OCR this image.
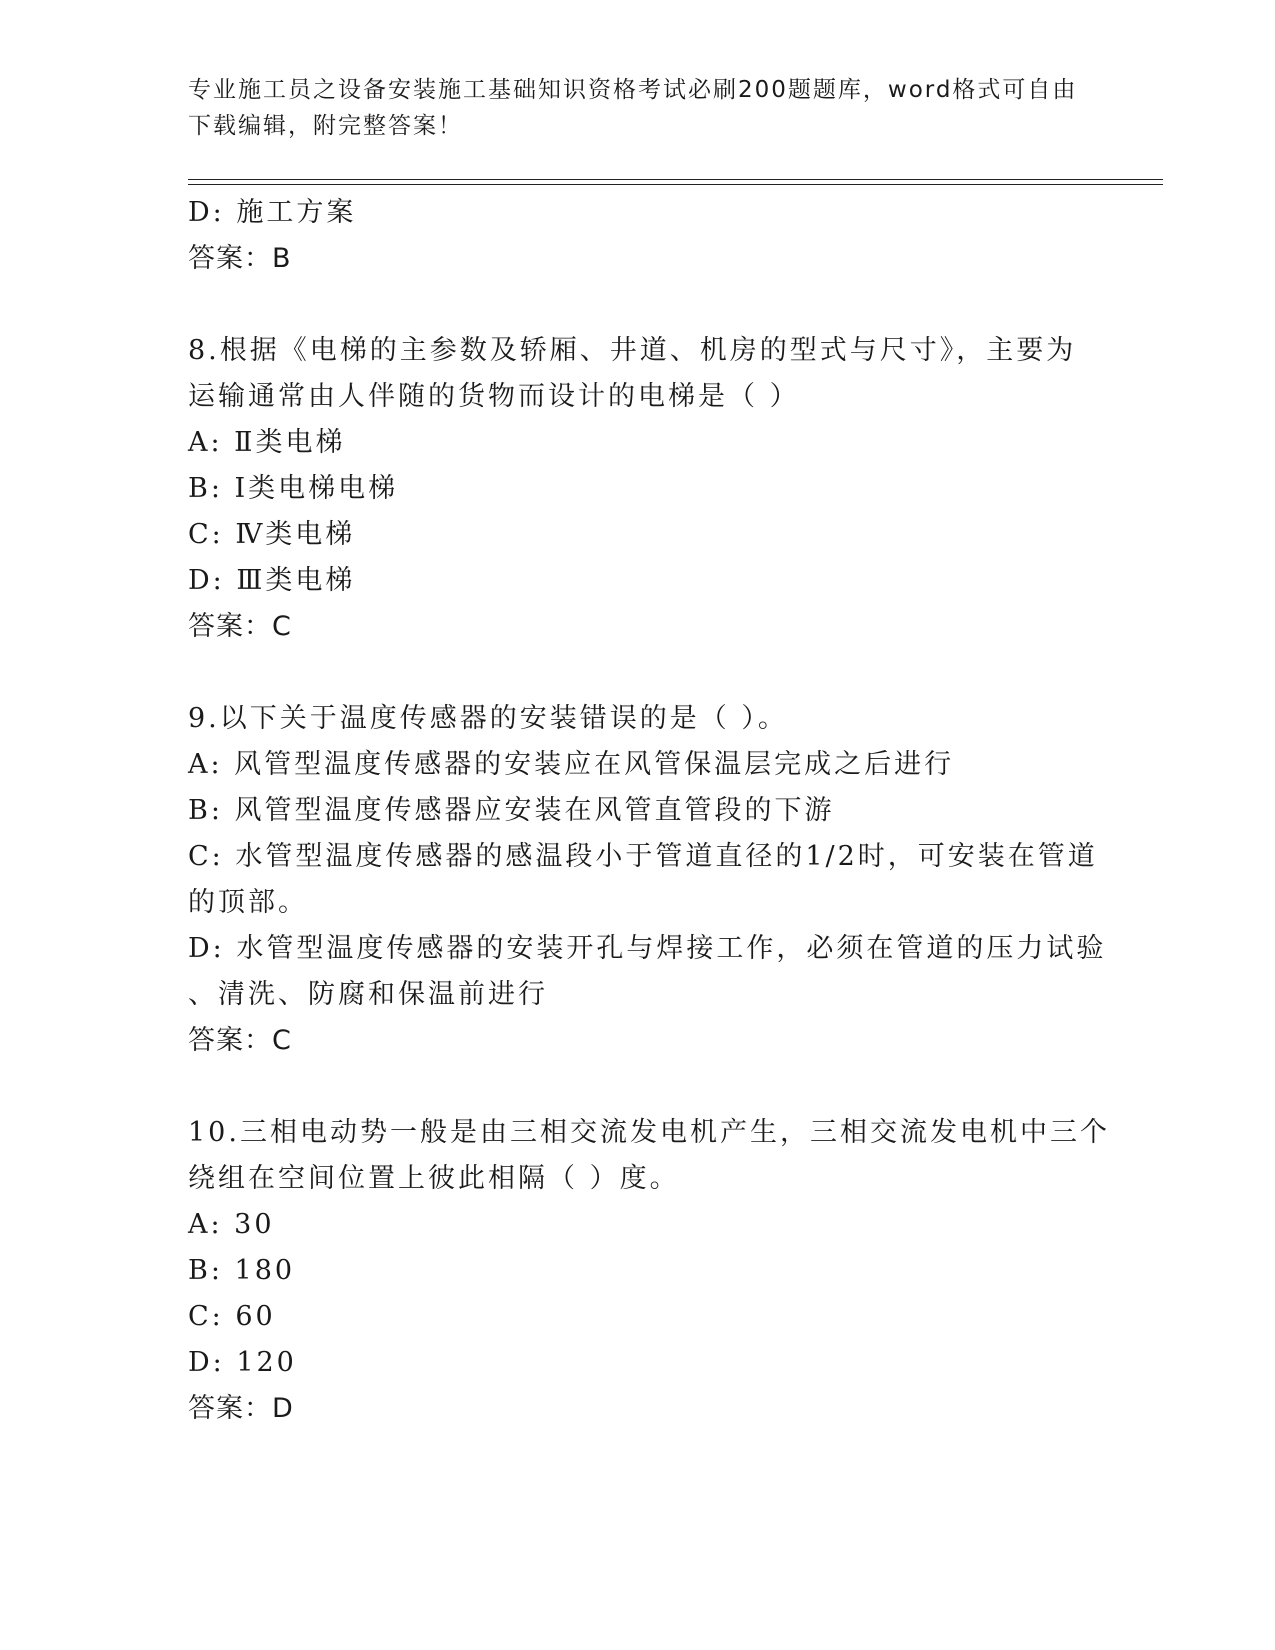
专业施工员之设备安装施工基础知识资格考试必刷200题题库，word格式可自由
下载编辑，附完整答案！
D: 施工方案
答案：B
8.根据《电梯的主参数及轿厢、井道、机房的型式与尺寸》，主要为
运输通常由人伴随的货物而设计的电梯是（ ）
A: Ⅱ类电梯
B: Ⅰ类电梯电梯
C: Ⅳ类电梯
D: Ⅲ类电梯
答案：C
9.以下关于温度传感器的安装错误的是（ ）。
A: 风管型温度传感器的安装应在风管保温层完成之后进行
B: 风管型温度传感器应安装在风管直管段的下游
C: 水管型温度传感器的感温段小于管道直径的1/2时，可安装在管道
的顶部。
D: 水管型温度传感器的安装开孔与焊接工作，必须在管道的压力试验
、清洗、防腐和保温前进行
答案：C
10.三相电动势一般是由三相交流发电机产生，三相交流发电机中三个
绕组在空间位置上彼此相隔（ ）度。
A: 30
B: 180
C: 60
D: 120
答案：D
